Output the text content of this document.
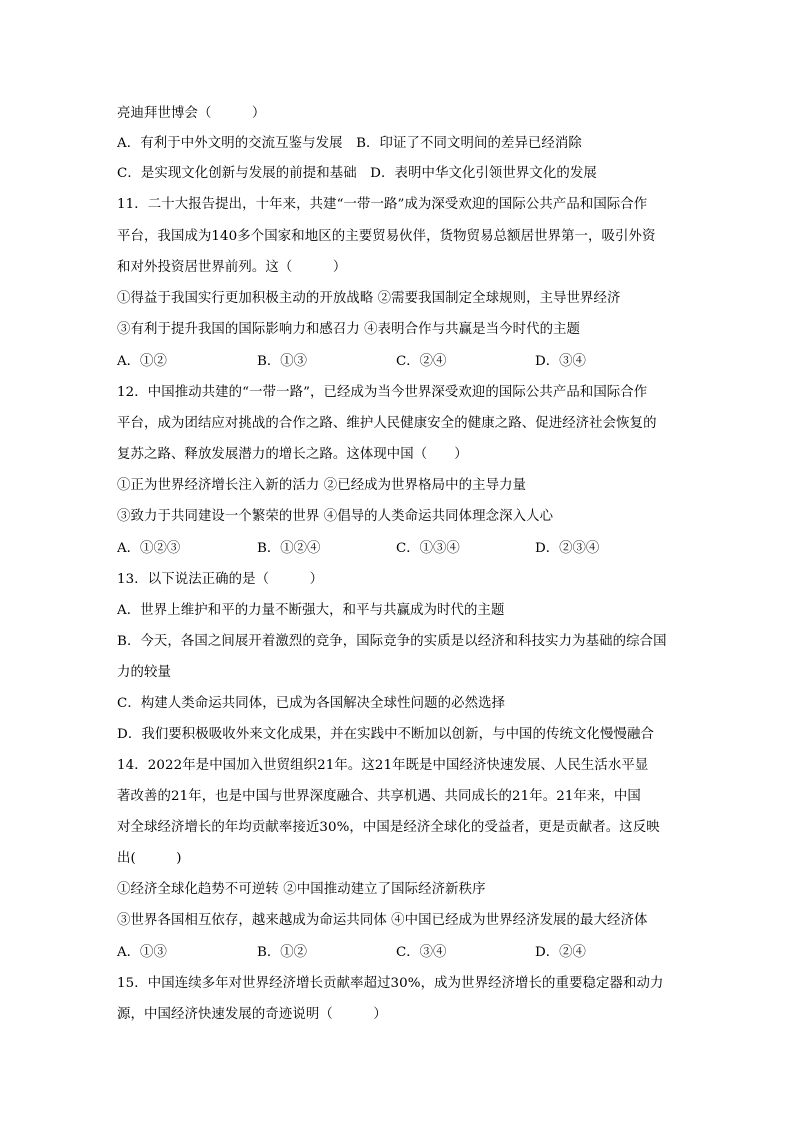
亮迪拜世博会（　　　）
A．有利于中外文明的交流互鉴与发展　B．印证了不同文明间的差异已经消除
C．是实现文化创新与发展的前提和基础　D．表明中华文化引领世界文化的发展
11．二十大报告提出，十年来，共建“一带一路”成为深受欢迎的国际公共产品和国际合作
平台，我国成为140多个国家和地区的主要贸易伙伴，货物贸易总额居世界第一，吸引外资
和对外投资居世界前列。这（　　　）
①得益于我国实行更加积极主动的开放战略 ②需要我国制定全球规则，主导世界经济
③有利于提升我国的国际影响力和感召力 ④表明合作与共赢是当今时代的主题
A．①②	B．①③	C．②④	D．③④
12．中国推动共建的“一带一路”，已经成为当今世界深受欢迎的国际公共产品和国际合作
平台，成为团结应对挑战的合作之路、维护人民健康安全的健康之路、促进经济社会恢复的
复苏之路、释放发展潜力的增长之路。这体现中国（　　）
①正为世界经济增长注入新的活力 ②已经成为世界格局中的主导力量
③致力于共同建设一个繁荣的世界 ④倡导的人类命运共同体理念深入人心
A．①②③	B．①②④	C．①③④	D．②③④
13．以下说法正确的是（　　　）
A．世界上维护和平的力量不断强大，和平与共赢成为时代的主题
B．今天，各国之间展开着激烈的竞争，国际竞争的实质是以经济和科技实力为基础的综合国
力的较量
C．构建人类命运共同体，已成为各国解决全球性问题的必然选择
D．我们要积极吸收外来文化成果，并在实践中不断加以创新，与中国的传统文化慢慢融合
14．2022年是中国加入世贸组织21年。这21年既是中国经济快速发展、人民生活水平显
著改善的21年，也是中国与世界深度融合、共享机遇、共同成长的21年。21年来，中国
对全球经济增长的年均贡献率接近30%，中国是经济全球化的受益者，更是贡献者。这反映
出(　　　)
①经济全球化趋势不可逆转 ②中国推动建立了国际经济新秩序
③世界各国相互依存，越来越成为命运共同体 ④中国已经成为世界经济发展的最大经济体
A．①③	B．①②	C．③④	D．②④
15．中国连续多年对世界经济增长贡献率超过30%，成为世界经济增长的重要稳定器和动力
源，中国经济快速发展的奇迹说明（　　　）
